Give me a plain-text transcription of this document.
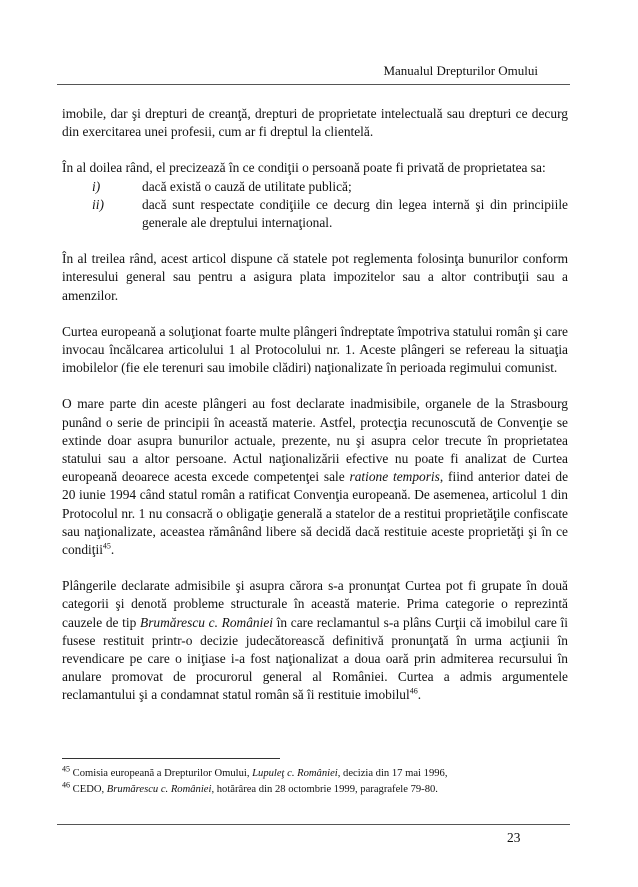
Manualul Drepturilor Omului

imobile, dar şi drepturi de creanţă, drepturi de proprietate intelectuală sau drepturi ce decurg din exercitarea unei profesii, cum ar fi dreptul la clientelă.

În al doilea rând, el precizează în ce condiţii o persoană poate fi privată de proprietatea sa:

i)	dacă există o cauză de utilitate publică;
ii)	dacă sunt respectate condiţiile ce decurg din legea internă şi din principiile generale ale dreptului internaţional.

În al treilea rând, acest articol dispune că statele pot reglementa folosinţa bunurilor conform interesului general sau pentru a asigura plata impozitelor sau a altor contribuţii sau a amenzilor.

Curtea europeană a soluţionat foarte multe plângeri îndreptate împotriva statului român şi care invocau încălcarea articolului 1 al Protocolului nr. 1. Aceste plângeri se refereau la situaţia imobilelor (fie ele terenuri sau imobile clădiri) naţionalizate în perioada regimului comunist.

O mare parte din aceste plângeri au fost declarate inadmisibile, organele de la Strasbourg punând o serie de principii în această materie. Astfel, protecţia recunoscută de Convenţie se extinde doar asupra bunurilor actuale, prezente, nu şi asupra celor trecute în proprietatea statului sau a altor persoane. Actul naţionalizării efective nu poate fi analizat de Curtea europeană deoarece acesta excede competenţei sale ratione temporis, fiind anterior datei de 20 iunie 1994 când statul român a ratificat Convenţia europeană. De asemenea, articolul 1 din Protocolul nr. 1 nu consacră o obligaţie generală a statelor de a restitui proprietăţile confiscate sau naţionalizate, aceastea rămânând libere să decidă dacă restituie aceste proprietăţi şi în ce condiţii$^{45}$.

Plângerile declarate admisibile şi asupra cărora s-a pronunţat Curtea pot fi grupate în două categorii şi denotă probleme structurale în această materie. Prima categorie o reprezintă cauzele de tip Brumărescu c. României în care reclamantul s-a plâns Curţii că imobilul care îi fusese restituit printr-o decizie judecătorească definitivă pronunţată în urma acţiunii în revendicare pe care o iniţiase i-a fost naţionalizat a doua oară prin admiterea recursului în anulare promovat de procurorul general al României. Curtea a admis argumentele reclamantului şi a condamnat statul român să îi restituie imobilul$^{46}$.

$^{45}$ Comisia europeană a Drepturilor Omului, Lupuleţ c. României, decizia din 17 mai 1996,

$^{46}$ CEDO, Brumărescu c. României, hotărârea din 28 octombrie 1999, paragrafele 79-80.

23
